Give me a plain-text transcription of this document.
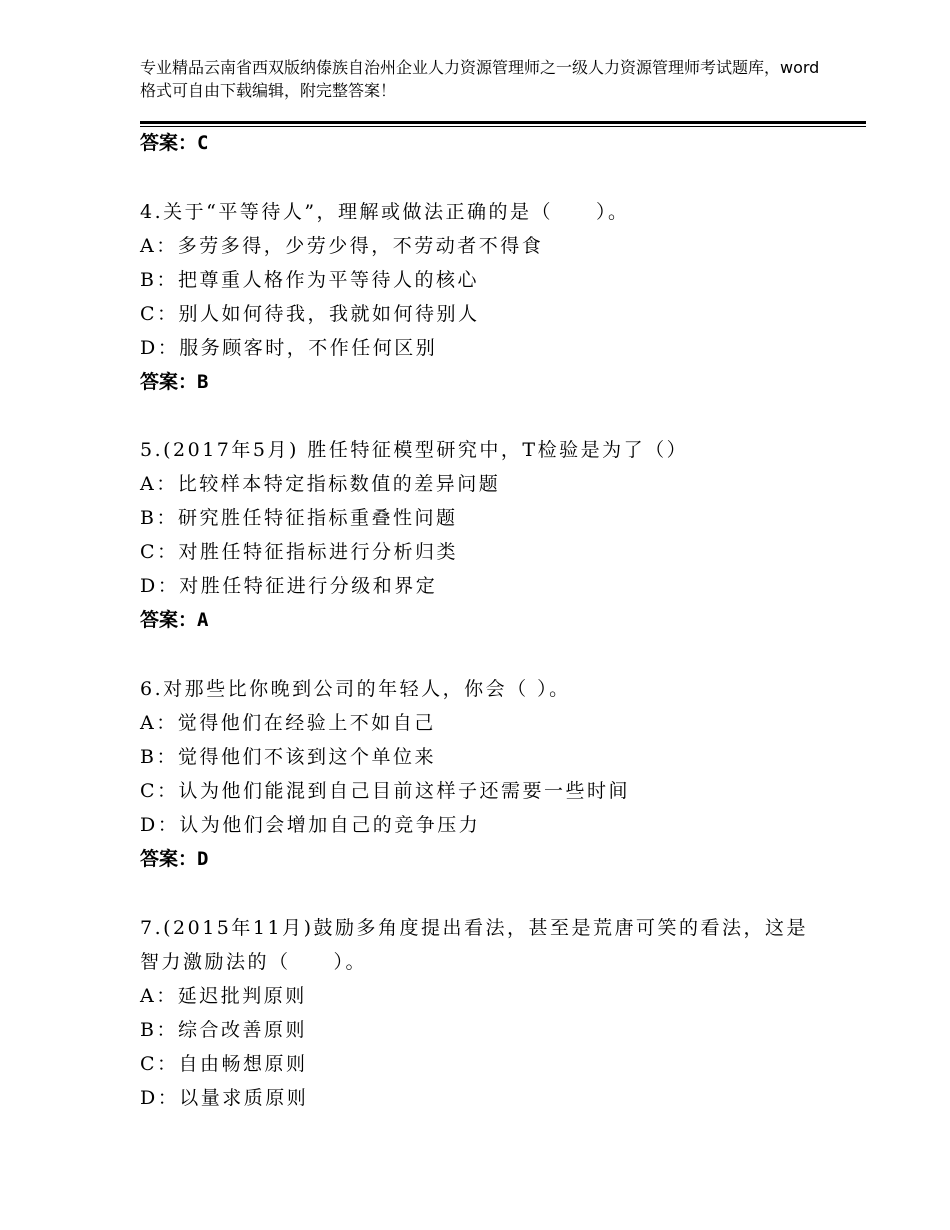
专业精品云南省西双版纳傣族自治州企业人力资源管理师之一级人力资源管理师考试题库，word格式可自由下载编辑，附完整答案！
答案：C
4.关于“平等待人”，理解或做法正确的是（　　）。
A：多劳多得，少劳少得，不劳动者不得食
B：把尊重人格作为平等待人的核心
C：别人如何待我，我就如何待别人
D：服务顾客时，不作任何区别
答案：B
5.(2017年5月) 胜任特征模型研究中，T检验是为了（）
A：比较样本特定指标数值的差异问题
B：研究胜任特征指标重叠性问题
C：对胜任特征指标进行分析归类
D：对胜任特征进行分级和界定
答案：A
6.对那些比你晚到公司的年轻人，你会（ ）。
A：觉得他们在经验上不如自己
B：觉得他们不该到这个单位来
C：认为他们能混到自己目前这样子还需要一些时间
D：认为他们会增加自己的竞争压力
答案：D
7.(2015年11月)鼓励多角度提出看法，甚至是荒唐可笑的看法，这是智力激励法的（　　）。
A：延迟批判原则
B：综合改善原则
C：自由畅想原则
D：以量求质原则
